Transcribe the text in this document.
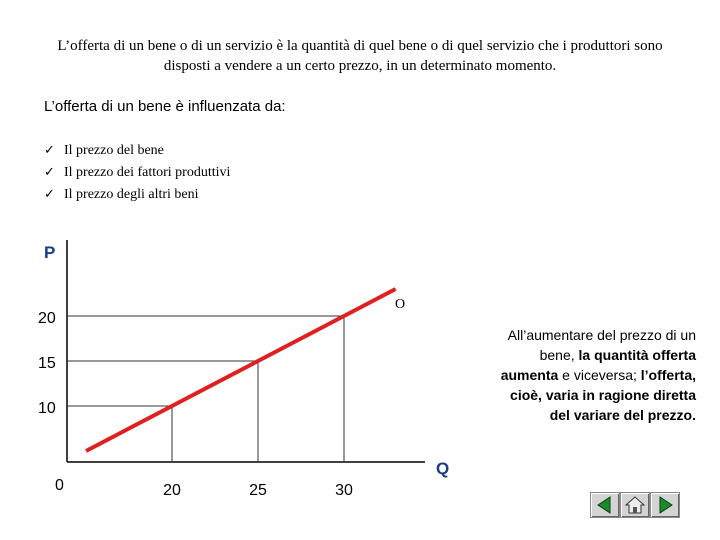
L’offerta di un bene o di un servizio è la quantità di quel bene o di quel servizio che i produttori sono disposti a vendere a un certo prezzo, in un determinato momento.
L’offerta di un bene è influenzata da:
✓ Il prezzo del bene
✓ Il prezzo dei fattori produttivi
✓ Il prezzo degli altri beni
P
Q
O
0
10
15
20
20	25	30
All’aumentare del prezzo di un bene, la quantità offerta aumenta e viceversa; l’offerta, cioè, varia in ragione diretta del variare del prezzo.
